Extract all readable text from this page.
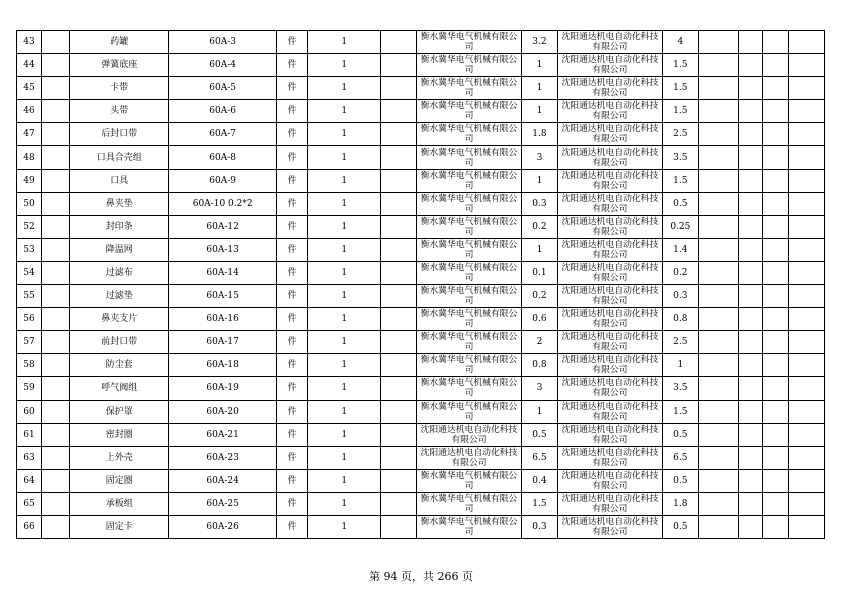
43		药罐	60A-3	件	1		衡水冀华电气机械有限公司	3.2	沈阳通达机电自动化科技有限公司	4				
44		弹簧底座	60A-4	件	1		衡水冀华电气机械有限公司	1	沈阳通达机电自动化科技有限公司	1.5				
45		卡带	60A-5	件	1		衡水冀华电气机械有限公司	1	沈阳通达机电自动化科技有限公司	1.5				
46		头带	60A-6	件	1		衡水冀华电气机械有限公司	1	沈阳通达机电自动化科技有限公司	1.5				
47		后封口带	60A-7	件	1		衡水冀华电气机械有限公司	1.8	沈阳通达机电自动化科技有限公司	2.5				
48		口具合壳组	60A-8	件	1		衡水冀华电气机械有限公司	3	沈阳通达机电自动化科技有限公司	3.5				
49		口具	60A-9	件	1		衡水冀华电气机械有限公司	1	沈阳通达机电自动化科技有限公司	1.5				
50		鼻夹垫	60A-10 0.2*2	件	1		衡水冀华电气机械有限公司	0.3	沈阳通达机电自动化科技有限公司	0.5				
52		封印条	60A-12	件	1		衡水冀华电气机械有限公司	0.2	沈阳通达机电自动化科技有限公司	0.25				
53		降温网	60A-13	件	1		衡水冀华电气机械有限公司	1	沈阳通达机电自动化科技有限公司	1.4				
54		过滤布	60A-14	件	1		衡水冀华电气机械有限公司	0.1	沈阳通达机电自动化科技有限公司	0.2				
55		过滤垫	60A-15	件	1		衡水冀华电气机械有限公司	0.2	沈阳通达机电自动化科技有限公司	0.3				
56		鼻夹支片	60A-16	件	1		衡水冀华电气机械有限公司	0.6	沈阳通达机电自动化科技有限公司	0.8				
57		前封口带	60A-17	件	1		衡水冀华电气机械有限公司	2	沈阳通达机电自动化科技有限公司	2.5				
58		防尘套	60A-18	件	1		衡水冀华电气机械有限公司	0.8	沈阳通达机电自动化科技有限公司	1				
59		呼气阀组	60A-19	件	1		衡水冀华电气机械有限公司	3	沈阳通达机电自动化科技有限公司	3.5				
60		保护罩	60A-20	件	1		衡水冀华电气机械有限公司	1	沈阳通达机电自动化科技有限公司	1.5				
61		密封圈	60A-21	件	1		沈阳通达机电自动化科技有限公司	0.5	沈阳通达机电自动化科技有限公司	0.5				
63		上外壳	60A-23	件	1		沈阳通达机电自动化科技有限公司	6.5	沈阳通达机电自动化科技有限公司	6.5				
64		固定圈	60A-24	件	1		衡水冀华电气机械有限公司	0.4	沈阳通达机电自动化科技有限公司	0.5				
65		承板组	60A-25	件	1		衡水冀华电气机械有限公司	1.5	沈阳通达机电自动化科技有限公司	1.8				
66		固定卡	60A-26	件	1		衡水冀华电气机械有限公司	0.3	沈阳通达机电自动化科技有限公司	0.5				
第 94 页，共 266 页
